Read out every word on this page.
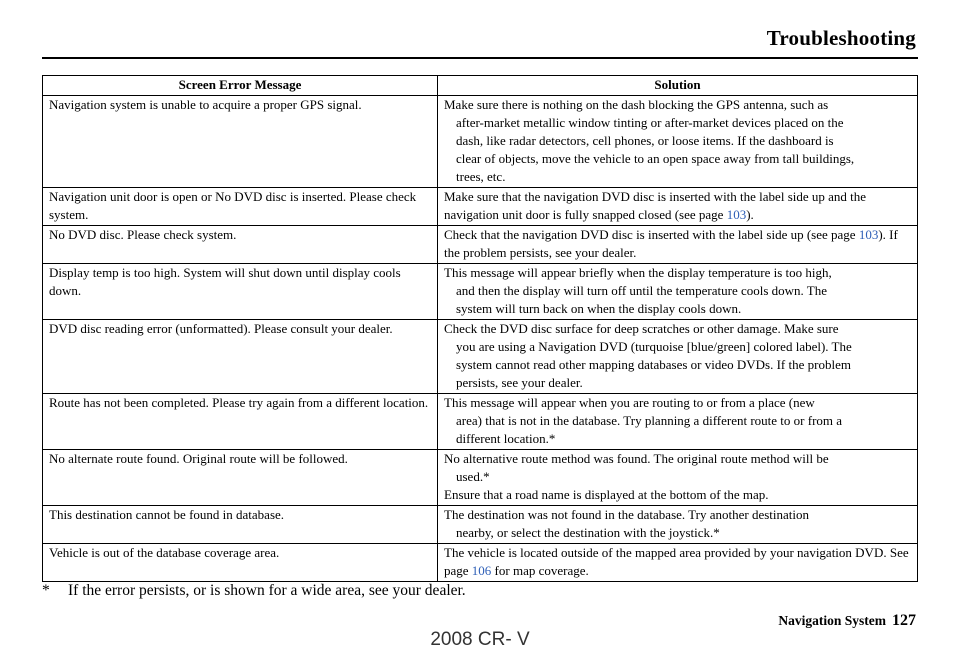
Troubleshooting
Screen Error Message	Solution
Navigation system is unable to acquire a proper GPS signal.	Make sure there is nothing on the dash blocking the GPS antenna, such as
after-market metallic window tinting or after-market devices placed on the
dash, like radar detectors, cell phones, or loose items. If the dashboard is
clear of objects, move the vehicle to an open space away from tall buildings,
trees, etc.

Navigation unit door is open or No DVD disc is inserted. Please check system.	Make sure that the navigation DVD disc is inserted with the label side up and the navigation unit door is fully snapped closed (see page 103).
No DVD disc. Please check system.	Check that the navigation DVD disc is inserted with the label side up (see page 103). If the problem persists, see your dealer.
Display temp is too high. System will shut down until display cools down.	This message will appear briefly when the display temperature is too high,
and then the display will turn off until the temperature cools down. The
system will turn back on when the display cools down.

DVD disc reading error (unformatted). Please consult your dealer.	Check the DVD disc surface for deep scratches or other damage. Make sure
you are using a Navigation DVD (turquoise [blue/green] colored label). The
system cannot read other mapping databases or video DVDs. If the problem
persists, see your dealer.

Route has not been completed. Please try again from a different location.	This message will appear when you are routing to or from a place (new
area) that is not in the database. Try planning a different route to or from a
different location.*

No alternate route found. Original route will be followed.	No alternative route method was found. The original route method will be
used.*
Ensure that a road name is displayed at the bottom of the map.

This destination cannot be found in database.	The destination was not found in the database. Try another destination
nearby, or select the destination with the joystick.*

Vehicle is out of the database coverage area.	The vehicle is located outside of the mapped area provided by your navigation DVD. See page 106 for map coverage.
* If the error persists, or is shown for a wide area, see your dealer.
Navigation System 127
2008 CR- V
